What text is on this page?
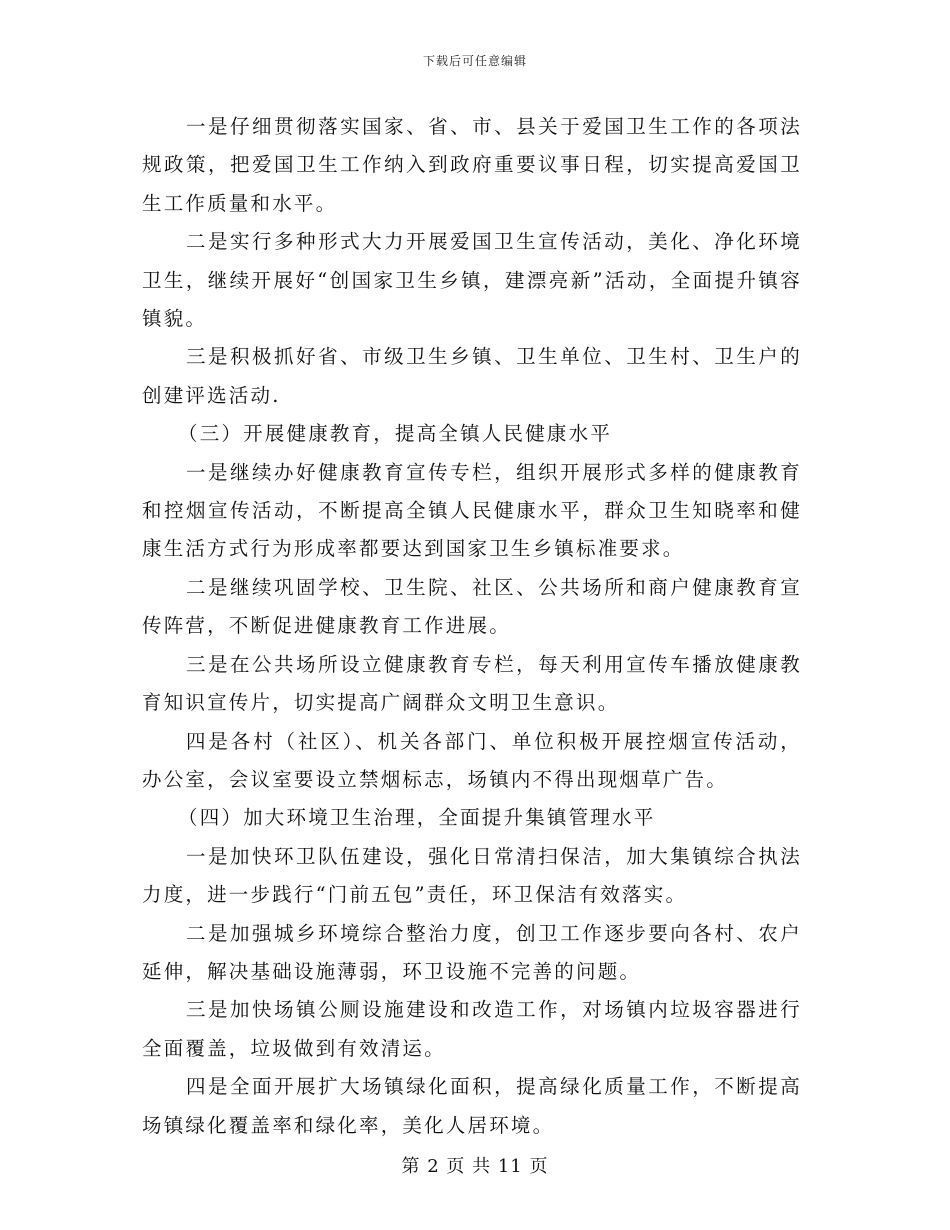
下载后可任意编辑

一是仔细贯彻落实国家、省、市、县关于爱国卫生工作的各项法规政策，把爱国卫生工作纳入到政府重要议事日程，切实提高爱国卫生工作质量和水平。

二是实行多种形式大力开展爱国卫生宣传活动，美化、净化环境卫生，继续开展好“创国家卫生乡镇，建漂亮新”活动，全面提升镇容镇貌。

三是积极抓好省、市级卫生乡镇、卫生单位、卫生村、卫生户的创建评选活动.

（三）开展健康教育，提高全镇人民健康水平

一是继续办好健康教育宣传专栏，组织开展形式多样的健康教育和控烟宣传活动，不断提高全镇人民健康水平，群众卫生知晓率和健康生活方式行为形成率都要达到国家卫生乡镇标准要求。

二是继续巩固学校、卫生院、社区、公共场所和商户健康教育宣传阵营，不断促进健康教育工作进展。

三是在公共场所设立健康教育专栏，每天利用宣传车播放健康教育知识宣传片，切实提高广阔群众文明卫生意识。

四是各村（社区）、机关各部门、单位积极开展控烟宣传活动，办公室，会议室要设立禁烟标志，场镇内不得出现烟草广告。

（四）加大环境卫生治理，全面提升集镇管理水平

一是加快环卫队伍建设，强化日常清扫保洁，加大集镇综合执法力度，进一步践行“门前五包”责任，环卫保洁有效落实。

二是加强城乡环境综合整治力度，创卫工作逐步要向各村、农户延伸，解决基础设施薄弱，环卫设施不完善的问题。

三是加快场镇公厕设施建设和改造工作，对场镇内垃圾容器进行全面覆盖，垃圾做到有效清运。

四是全面开展扩大场镇绿化面积，提高绿化质量工作，不断提高场镇绿化覆盖率和绿化率，美化人居环境。

第 2 页 共 11 页
